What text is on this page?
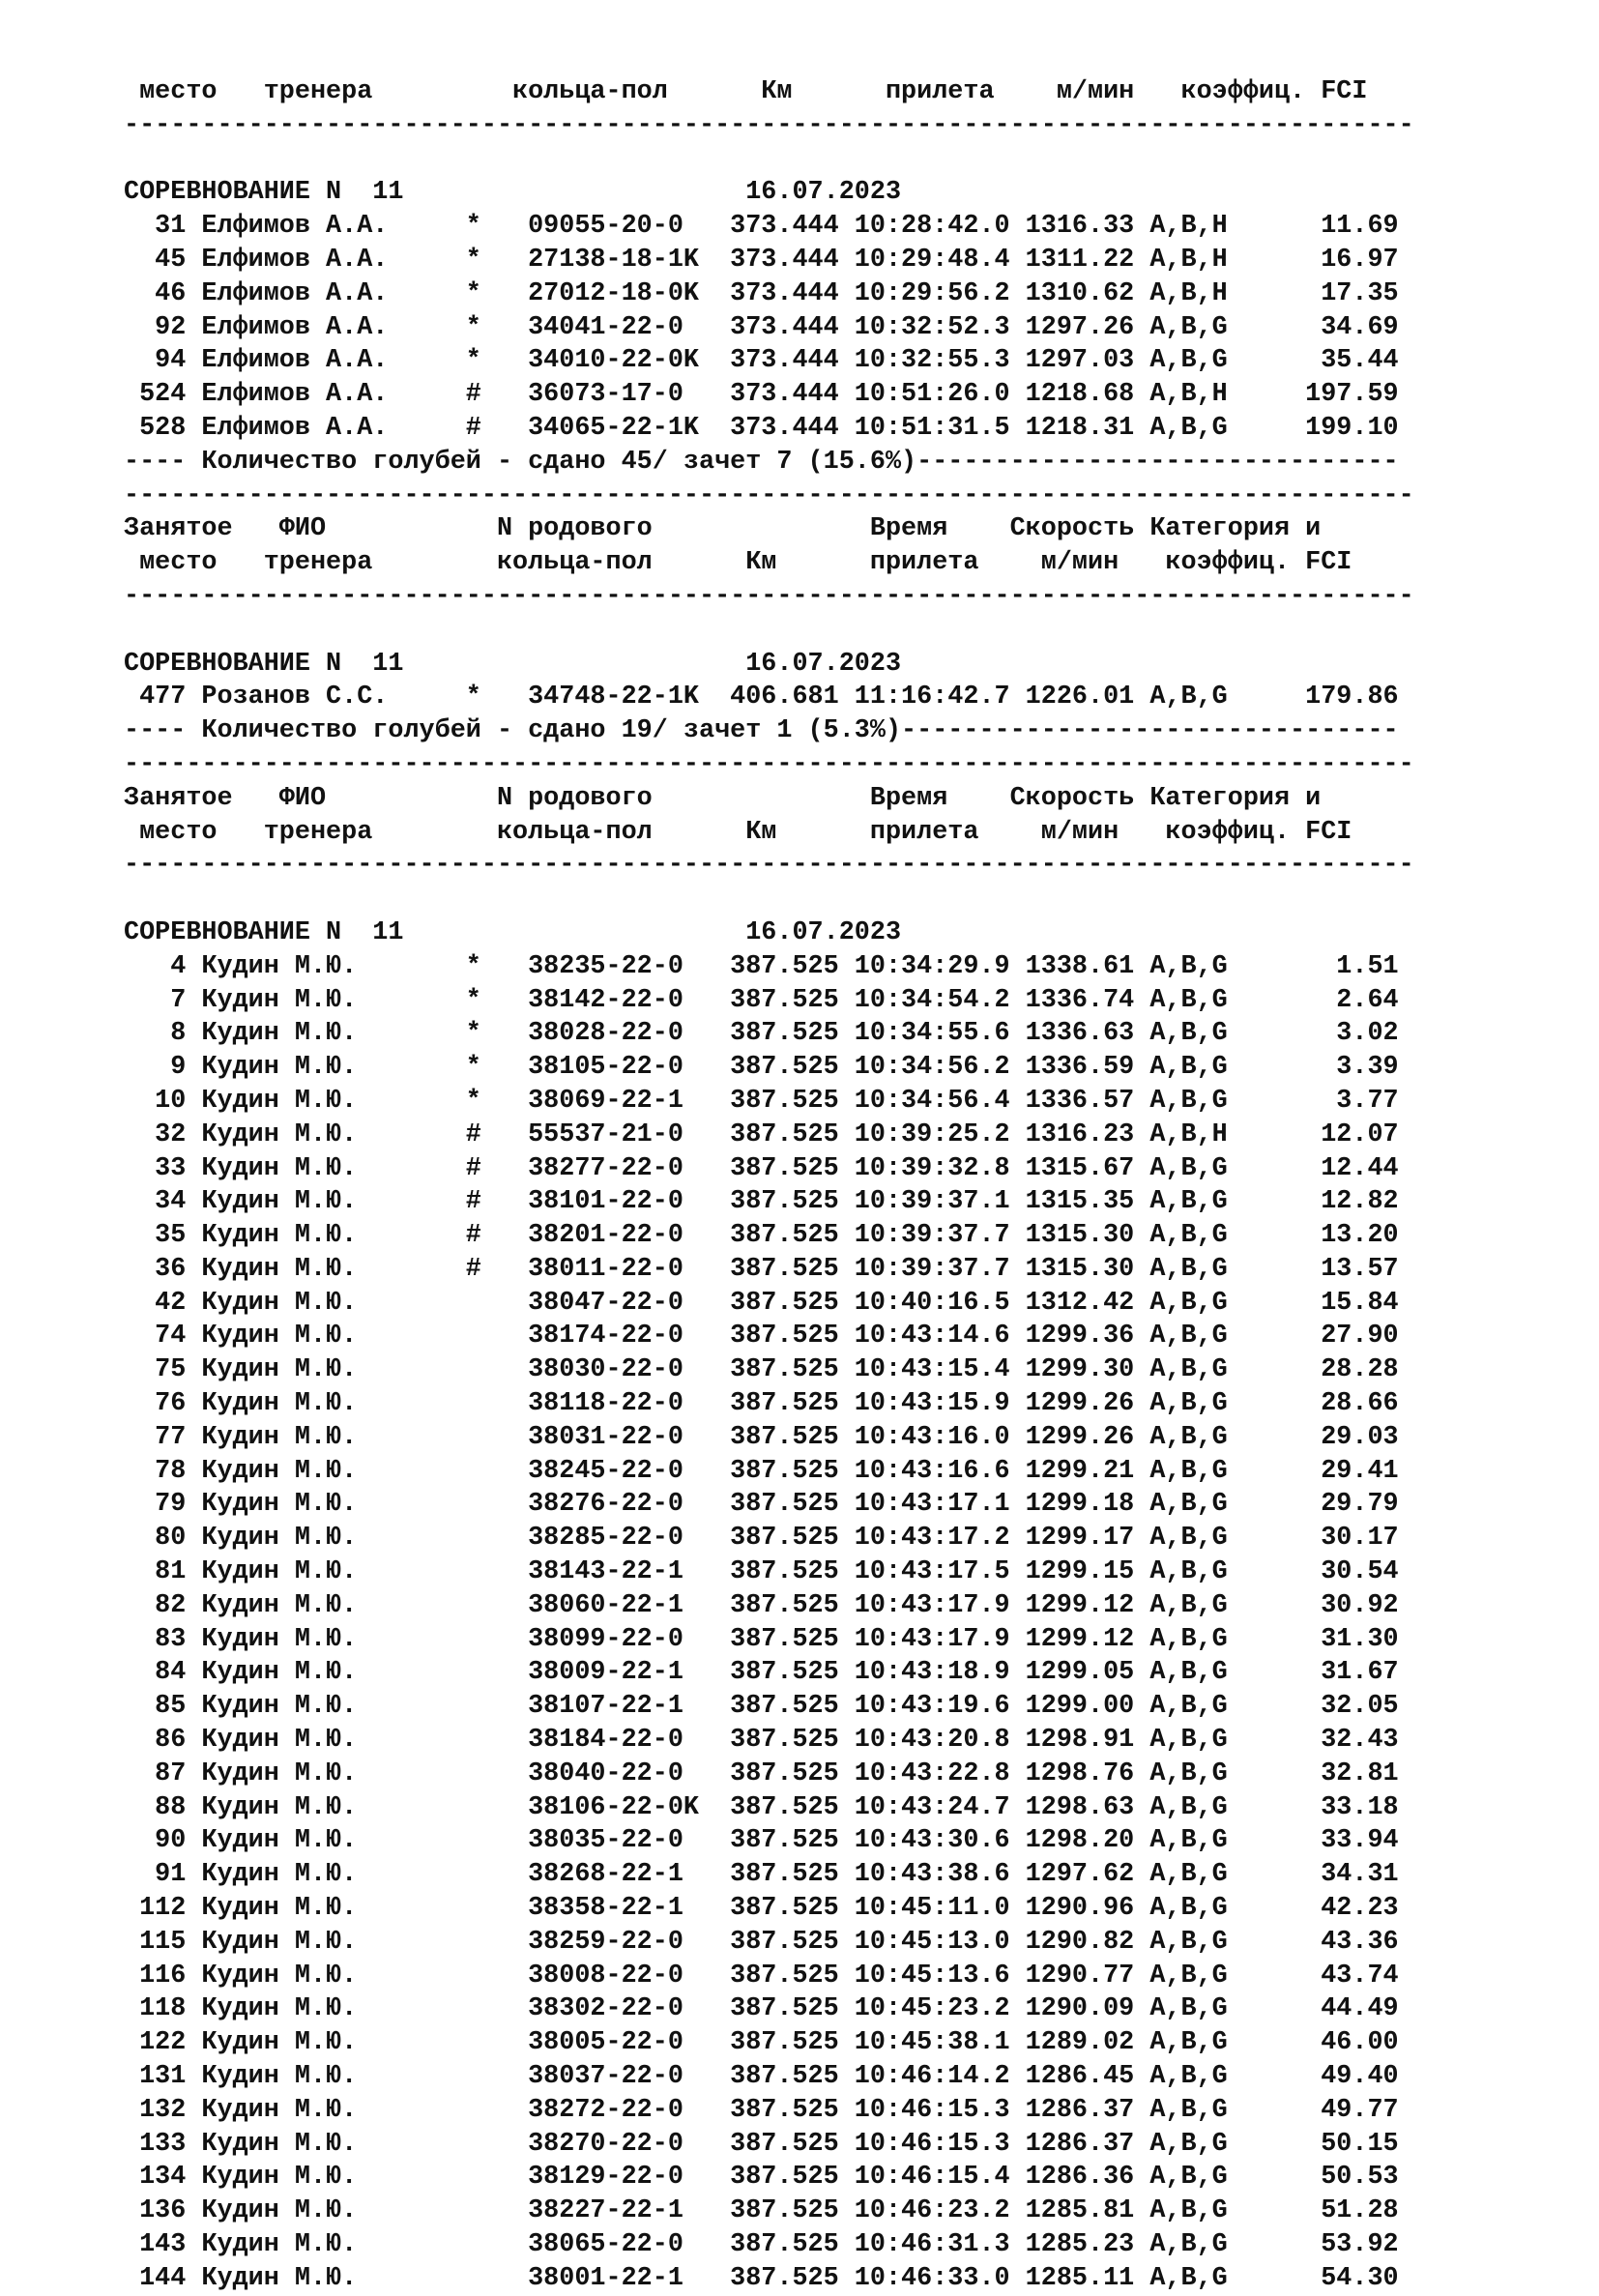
место   тренера         кольца-пол      Км      прилета    м/мин   коэффиц. FCI
-----------------------------------------------------------------------------------
СОРЕВНОВАНИЕ N  11                      16.07.2023
31 Елфимов А.А.     *   09055-20-0   373.444 10:28:42.0 1316.33 A,B,H      11.69
45 Елфимов А.А.     *   27138-18-1K  373.444 10:29:48.4 1311.22 A,B,H      16.97
46 Елфимов А.А.     *   27012-18-0K  373.444 10:29:56.2 1310.62 A,B,H      17.35
92 Елфимов А.А.     *   34041-22-0   373.444 10:32:52.3 1297.26 A,B,G      34.69
94 Елфимов А.А.     *   34010-22-0K  373.444 10:32:55.3 1297.03 A,B,G      35.44
524 Елфимов А.А.     #   36073-17-0   373.444 10:51:26.0 1218.68 A,B,H     197.59
528 Елфимов А.А.     #   34065-22-1K  373.444 10:51:31.5 1218.31 A,B,G     199.10
---- Количество голубей - сдано 45/ зачет 7 (15.6%)-------------------------------
-----------------------------------------------------------------------------------
Занятое   ФИО           N родового              Время    Скорость Категория и
место   тренера        кольца-пол      Км      прилета    м/мин   коэффиц. FCI
-----------------------------------------------------------------------------------
СОРЕВНОВАНИЕ N  11                      16.07.2023
477 Розанов С.С.     *   34748-22-1K  406.681 11:16:42.7 1226.01 A,B,G     179.86
---- Количество голубей - сдано 19/ зачет 1 (5.3%)--------------------------------
-----------------------------------------------------------------------------------
Занятое   ФИО           N родового              Время    Скорость Категория и
место   тренера        кольца-пол      Км      прилета    м/мин   коэффиц. FCI
-----------------------------------------------------------------------------------
СОРЕВНОВАНИЕ N  11                      16.07.2023
4 Кудин М.Ю.       *   38235-22-0   387.525 10:34:29.9 1338.61 A,B,G       1.51
7 Кудин М.Ю.       *   38142-22-0   387.525 10:34:54.2 1336.74 A,B,G       2.64
8 Кудин М.Ю.       *   38028-22-0   387.525 10:34:55.6 1336.63 A,B,G       3.02
9 Кудин М.Ю.       *   38105-22-0   387.525 10:34:56.2 1336.59 A,B,G       3.39
10 Кудин М.Ю.       *   38069-22-1   387.525 10:34:56.4 1336.57 A,B,G       3.77
32 Кудин М.Ю.       #   55537-21-0   387.525 10:39:25.2 1316.23 A,B,H      12.07
33 Кудин М.Ю.       #   38277-22-0   387.525 10:39:32.8 1315.67 A,B,G      12.44
34 Кудин М.Ю.       #   38101-22-0   387.525 10:39:37.1 1315.35 A,B,G      12.82
35 Кудин М.Ю.       #   38201-22-0   387.525 10:39:37.7 1315.30 A,B,G      13.20
36 Кудин М.Ю.       #   38011-22-0   387.525 10:39:37.7 1315.30 A,B,G      13.57
42 Кудин М.Ю.           38047-22-0   387.525 10:40:16.5 1312.42 A,B,G      15.84
74 Кудин М.Ю.           38174-22-0   387.525 10:43:14.6 1299.36 A,B,G      27.90
75 Кудин М.Ю.           38030-22-0   387.525 10:43:15.4 1299.30 A,B,G      28.28
76 Кудин М.Ю.           38118-22-0   387.525 10:43:15.9 1299.26 A,B,G      28.66
77 Кудин М.Ю.           38031-22-0   387.525 10:43:16.0 1299.26 A,B,G      29.03
78 Кудин М.Ю.           38245-22-0   387.525 10:43:16.6 1299.21 A,B,G      29.41
79 Кудин М.Ю.           38276-22-0   387.525 10:43:17.1 1299.18 A,B,G      29.79
80 Кудин М.Ю.           38285-22-0   387.525 10:43:17.2 1299.17 A,B,G      30.17
81 Кудин М.Ю.           38143-22-1   387.525 10:43:17.5 1299.15 A,B,G      30.54
82 Кудин М.Ю.           38060-22-1   387.525 10:43:17.9 1299.12 A,B,G      30.92
83 Кудин М.Ю.           38099-22-0   387.525 10:43:17.9 1299.12 A,B,G      31.30
84 Кудин М.Ю.           38009-22-1   387.525 10:43:18.9 1299.05 A,B,G      31.67
85 Кудин М.Ю.           38107-22-1   387.525 10:43:19.6 1299.00 A,B,G      32.05
86 Кудин М.Ю.           38184-22-0   387.525 10:43:20.8 1298.91 A,B,G      32.43
87 Кудин М.Ю.           38040-22-0   387.525 10:43:22.8 1298.76 A,B,G      32.81
88 Кудин М.Ю.           38106-22-0K  387.525 10:43:24.7 1298.63 A,B,G      33.18
90 Кудин М.Ю.           38035-22-0   387.525 10:43:30.6 1298.20 A,B,G      33.94
91 Кудин М.Ю.           38268-22-1   387.525 10:43:38.6 1297.62 A,B,G      34.31
112 Кудин М.Ю.           38358-22-1   387.525 10:45:11.0 1290.96 A,B,G      42.23
115 Кудин М.Ю.           38259-22-0   387.525 10:45:13.0 1290.82 A,B,G      43.36
116 Кудин М.Ю.           38008-22-0   387.525 10:45:13.6 1290.77 A,B,G      43.74
118 Кудин М.Ю.           38302-22-0   387.525 10:45:23.2 1290.09 A,B,G      44.49
122 Кудин М.Ю.           38005-22-0   387.525 10:45:38.1 1289.02 A,B,G      46.00
131 Кудин М.Ю.           38037-22-0   387.525 10:46:14.2 1286.45 A,B,G      49.40
132 Кудин М.Ю.           38272-22-0   387.525 10:46:15.3 1286.37 A,B,G      49.77
133 Кудин М.Ю.           38270-22-0   387.525 10:46:15.3 1286.37 A,B,G      50.15
134 Кудин М.Ю.           38129-22-0   387.525 10:46:15.4 1286.36 A,B,G      50.53
136 Кудин М.Ю.           38227-22-1   387.525 10:46:23.2 1285.81 A,B,G      51.28
143 Кудин М.Ю.           38065-22-0   387.525 10:46:31.3 1285.23 A,B,G      53.92
144 Кудин М.Ю.           38001-22-1   387.525 10:46:33.0 1285.11 A,B,G      54.30
